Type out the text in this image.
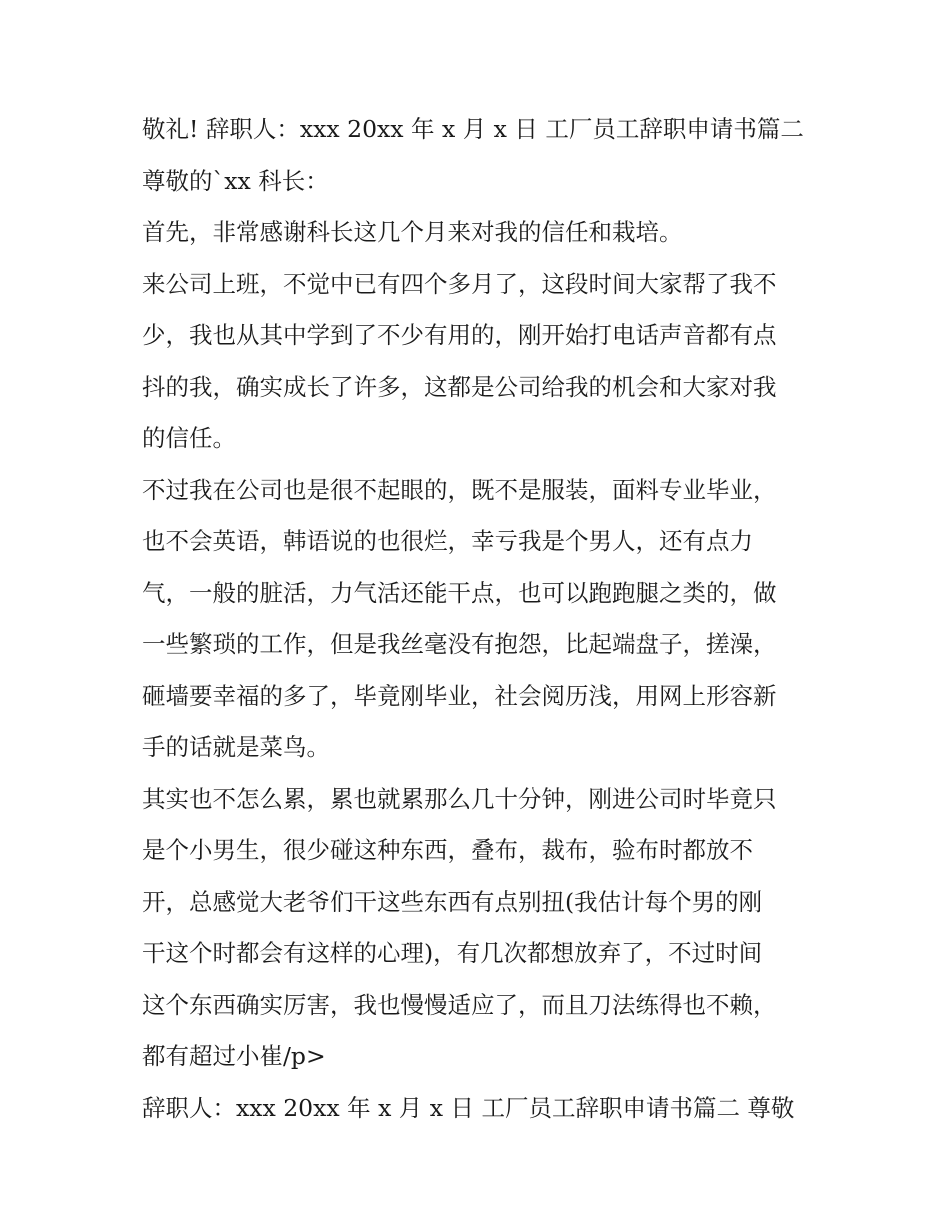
敬礼! 辞职人：xxx 20xx 年 x 月 x 日 工厂员工辞职申请书篇二
尊敬的`xx 科长：
首先，非常感谢科长这几个月来对我的信任和栽培。
来公司上班，不觉中已有四个多月了，这段时间大家帮了我不
少，我也从其中学到了不少有用的，刚开始打电话声音都有点
抖的我，确实成长了许多，这都是公司给我的机会和大家对我
的信任。
不过我在公司也是很不起眼的，既不是服装，面料专业毕业，
也不会英语，韩语说的也很烂，幸亏我是个男人，还有点力
气，一般的脏活，力气活还能干点，也可以跑跑腿之类的，做
一些繁琐的工作，但是我丝毫没有抱怨，比起端盘子，搓澡，
砸墙要幸福的多了，毕竟刚毕业，社会阅历浅，用网上形容新
手的话就是菜鸟。
其实也不怎么累，累也就累那么几十分钟，刚进公司时毕竟只
是个小男生，很少碰这种东西，叠布，裁布，验布时都放不
开，总感觉大老爷们干这些东西有点别扭(我估计每个男的刚
干这个时都会有这样的心理)，有几次都想放弃了，不过时间
这个东西确实厉害，我也慢慢适应了，而且刀法练得也不赖，
都有超过小崔/p>
辞职人：xxx 20xx 年 x 月 x 日 工厂员工辞职申请书篇二 尊敬
